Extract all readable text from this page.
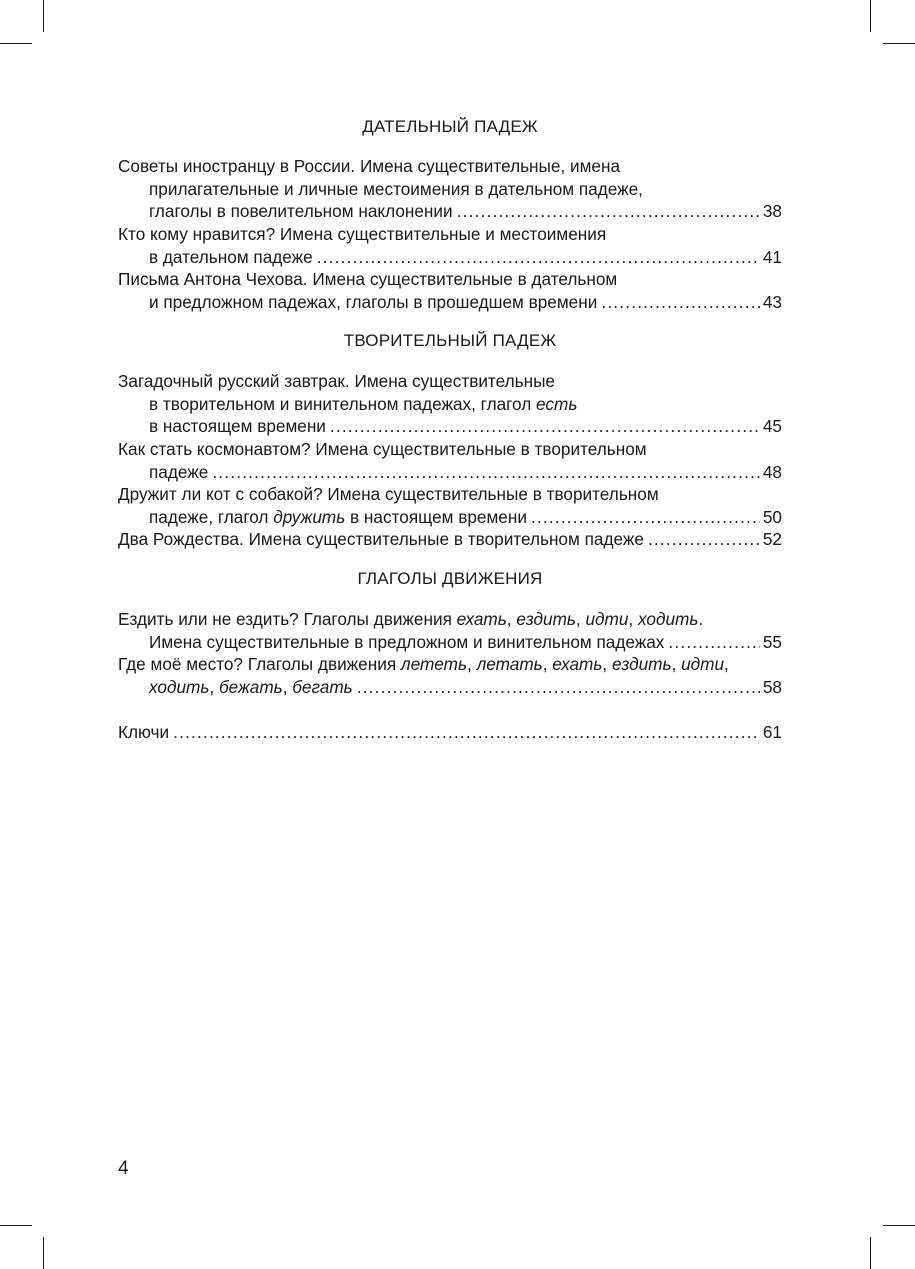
ДАТЕЛЬНЫЙ ПАДЕЖ
Советы иностранцу в России. Имена существительные, имена
прилагательные и личные местоимения в дательном падеже,
глаголы в повелительном наклонении .....	38
Кто кому нравится? Имена существительные и местоимения
в дательном падеже .....	41
Письма Антона Чехова. Имена существительные в дательном
и предложном падежах, глаголы в прошедшем времени .....	43
ТВОРИТЕЛЬНЫЙ ПАДЕЖ
Загадочный русский завтрак. Имена существительные
в творительном и винительном падежах, глагол есть
в настоящем времени .....	45
Как стать космонавтом? Имена существительные в творительном
падеже .....	48
Дружит ли кот с собакой? Имена существительные в творительном
падеже, глагол дружить в настоящем времени .....	50
Два Рождества. Имена существительные в творительном падеже .....	52
ГЛАГОЛЫ ДВИЖЕНИЯ
Ездить или не ездить? Глаголы движения ехать, ездить, идти, ходить.
Имена существительные в предложном и винительном падежах .....	55
Где моё место? Глаголы движения лететь, летать, ехать, ездить, идти,
ходить, бежать, бегать .....	58
Ключи .....	61
4
